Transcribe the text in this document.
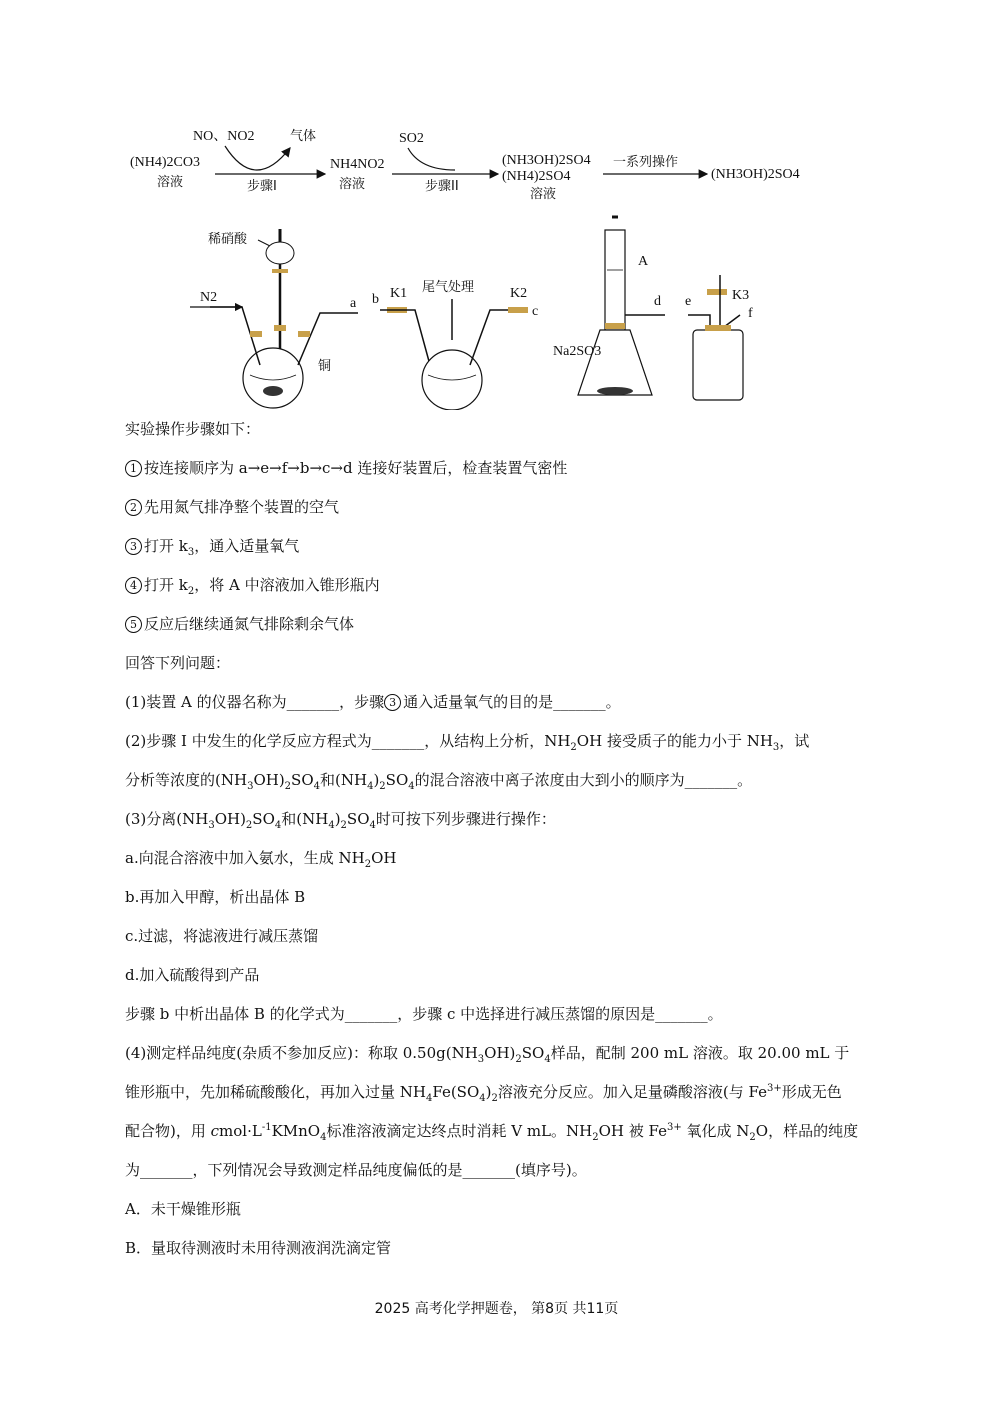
(NH4)2CO3
溶液
NO、NO2	气体
步骤I
NH4NO2
溶液
SO2
步骤II
(NH3OH)2SO4
(NH4)2SO4
溶液
一系列操作
(NH3OH)2SO4
稀硝酸
铜
N2	a b K1 尾气处理	K2
c
A
Na2SO3
d e	K3
f

实验操作步骤如下：

1 按连接顺序为 a→e→f→b→c→d 连接好装置后，检查装置气密性

2 先用氮气排净整个装置的空气

3 打开 $k_3$，通入适量氧气

4 打开 $k_2$，将 A 中溶液加入锥形瓶内

5 反应后继续通氮气排除剩余气体

回答下列问题：

(1)装置 A 的仪器名称为_______，步骤 3 通入适量氧气的目的是_______。

(2)步骤 I 中发生的化学反应方程式为_______，从结构上分析，$NH_2OH$ 接受质子的能力小于 $NH_3$，试

分析等浓度的$(NH_3OH)_2SO_4$和$(NH_4)_2SO_4$的混合溶液中离子浓度由大到小的顺序为_______。

(3)分离$(NH_3OH)_2SO_4$和$(NH_4)_2SO_4$时可按下列步骤进行操作：

a.向混合溶液中加入氨水，生成 $NH_2OH$

b.再加入甲醇，析出晶体 B

c.过滤，将滤液进行减压蒸馏

d.加入硫酸得到产品

步骤 b 中析出晶体 B 的化学式为_______，步骤 c 中选择进行减压蒸馏的原因是_______。

(4)测定样品纯度(杂质不参加反应)：称取 $0.50g(NH_3OH)_2SO_4$样品，配制 200 mL 溶液。取 20.00 mL 于

锥形瓶中，先加稀硫酸酸化，再加入过量 $NH_4Fe(SO_4)_2$溶液充分反应。加入足量磷酸溶液(与 $Fe^{3+}$形成无色

配合物)，用 $cmol\cdot L^{-1}KMnO_4$标准溶液滴定达终点时消耗 V mL。$NH_2OH$ 被 $Fe^{3+}$ 氧化成 $N_2O$，样品的纯度

为_______，下列情况会导致测定样品纯度偏低的是_______(填序号)。

A．未干燥锥形瓶

B．量取待测液时未用待测液润洗滴定管

2025 高考化学押题卷， 第8页 共11页
